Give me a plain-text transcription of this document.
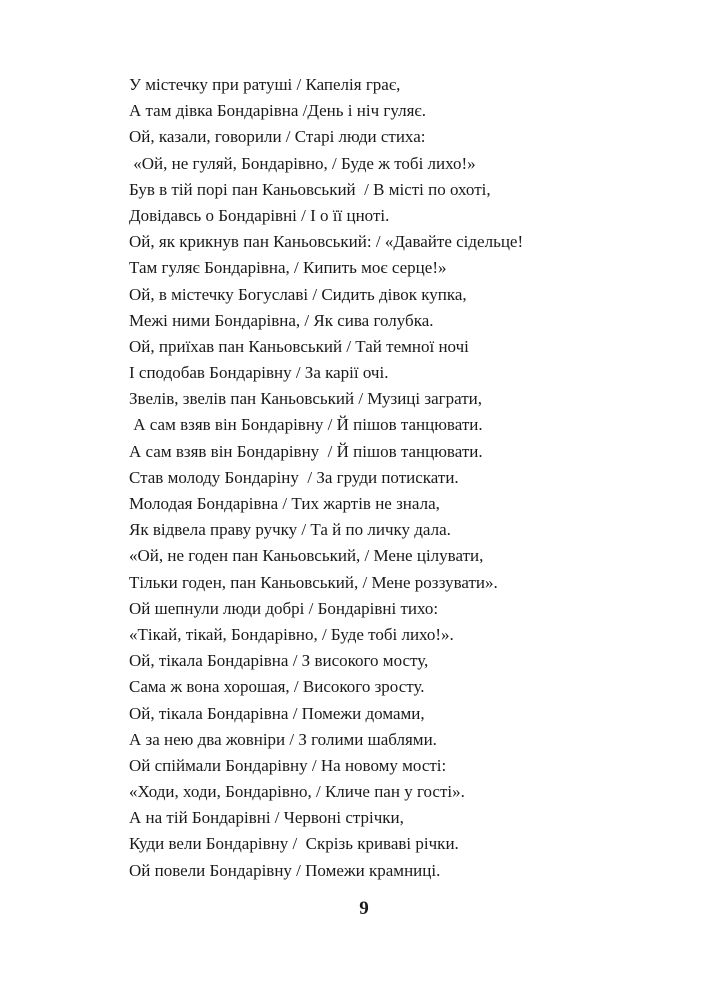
У містечку при ратуші / Капелія грає,
А там дівка Бондарівна /День і ніч гуляє.
Ой, казали, говорили / Старі люди стиха:
«Ой, не гуляй, Бондарівно, / Буде ж тобі лихо!»
Був в тій порі пан Каньовський  / В місті по охоті,
Довідавсь о Бондарівні / І о її цноті.
Ой, як крикнув пан Каньовський: / «Давайте сідельце!
Там гуляє Бондарівна, / Кипить моє серце!»
Ой, в містечку Богуславі / Сидить дівок купка,
Межі ними Бондарівна, / Як сива голубка.
Ой, приїхав пан Каньовський / Тай темної ночі
І сподобав Бондарівну / За карії очі.
Звелів, звелів пан Каньовський / Музиці заграти,
А сам взяв він Бондарівну / Й пішов танцювати.
А сам взяв він Бондарівну  / Й пішов танцювати.
Став молоду Бондаріну  / За груди потискати.
Молодая Бондарівна / Тих жартів не знала,
Як відвела праву ручку / Та й по личку дала.
«Ой, не годен пан Каньовський, / Мене цілувати,
Тільки годен, пан Каньовський, / Мене роззувати».
Ой шепнули люди добрі / Бондарівні тихо:
«Тікай, тікай, Бондарівно, / Буде тобі лихо!».
Ой, тікала Бондарівна / З високого мосту,
Сама ж вона хорошая, / Високого зросту.
Ой, тікала Бондарівна / Помежи домами,
А за нею два жовніри / З голими шаблями.
Ой спіймали Бондарівну / На новому мості:
«Ходи, ходи, Бондарівно, / Кличе пан у гості».
А на тій Бондарівні / Червоні стрічки,
Куди вели Бондарівну /  Скрізь криваві річки.
Ой повели Бондарівну / Помежи крамниці.
9
